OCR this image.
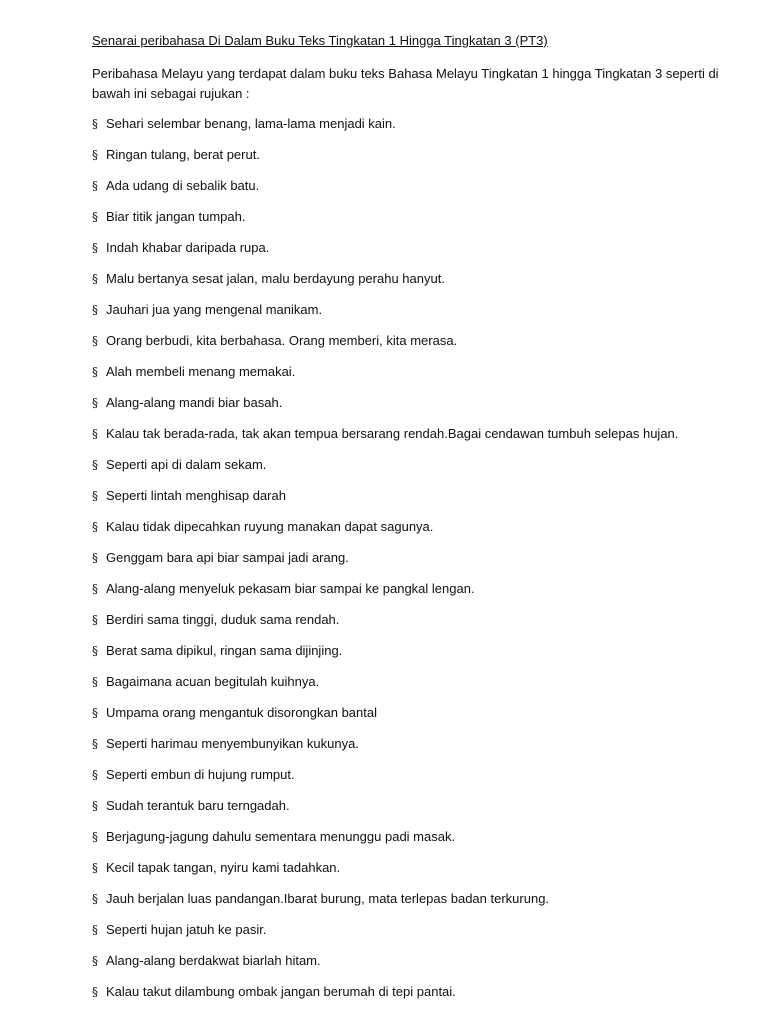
Senarai peribahasa Di Dalam Buku Teks Tingkatan 1 Hingga Tingkatan 3 (PT3)

Peribahasa Melayu yang terdapat dalam buku teks Bahasa Melayu Tingkatan 1 hingga Tingkatan 3 seperti di bawah ini sebagai rujukan :

§ Sehari selembar benang, lama-lama menjadi kain.
§ Ringan tulang, berat perut.
§ Ada udang di sebalik batu.
§ Biar titik jangan tumpah.
§ Indah khabar daripada rupa.
§ Malu bertanya sesat jalan, malu berdayung perahu hanyut.
§ Jauhari jua yang mengenal manikam.
§ Orang berbudi, kita berbahasa. Orang memberi, kita merasa.
§ Alah membeli menang memakai.
§ Alang-alang mandi biar basah.
§ Kalau tak berada-rada, tak akan tempua bersarang rendah.Bagai cendawan tumbuh selepas hujan.
§ Seperti api di dalam sekam.
§ Seperti lintah menghisap darah
§ Kalau tidak dipecahkan ruyung manakan dapat sagunya.
§ Genggam bara api biar sampai jadi arang.
§ Alang-alang menyeluk pekasam biar sampai ke pangkal lengan.
§ Berdiri sama tinggi, duduk sama rendah.
§ Berat sama dipikul, ringan sama dijinjing.
§ Bagaimana acuan begitulah kuihnya.
§ Umpama orang mengantuk disorongkan bantal
§ Seperti harimau menyembunyikan kukunya.
§ Seperti embun di hujung rumput.
§ Sudah terantuk baru terngadah.
§ Berjagung-jagung dahulu sementara menunggu padi masak.
§ Kecil tapak tangan, nyiru kami tadahkan.
§ Jauh berjalan luas pandangan.Ibarat burung, mata terlepas badan terkurung.
§ Seperti hujan jatuh ke pasir.
§ Alang-alang berdakwat biarlah hitam.
§ Kalau takut dilambung ombak jangan berumah di tepi pantai.
